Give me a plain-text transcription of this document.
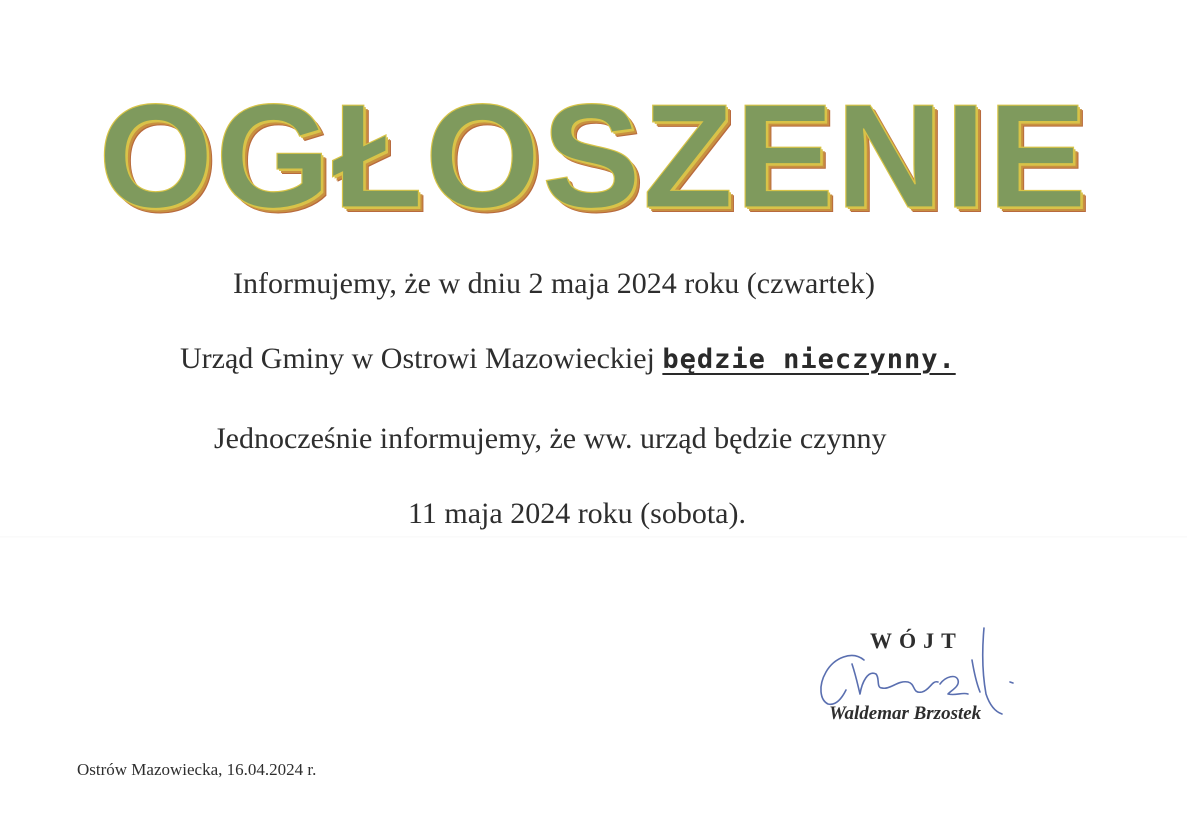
OGŁOSZENIE
Informujemy, że w dniu 2 maja 2024 roku (czwartek)
Urząd Gminy w Ostrowi Mazowieckiej będzie nieczynny.
Jednocześnie informujemy, że ww. urząd będzie czynny
11 maja 2024 roku (sobota).
WÓJT
Waldemar Brzostek
Ostrów Mazowiecka, 16.04.2024 r.
